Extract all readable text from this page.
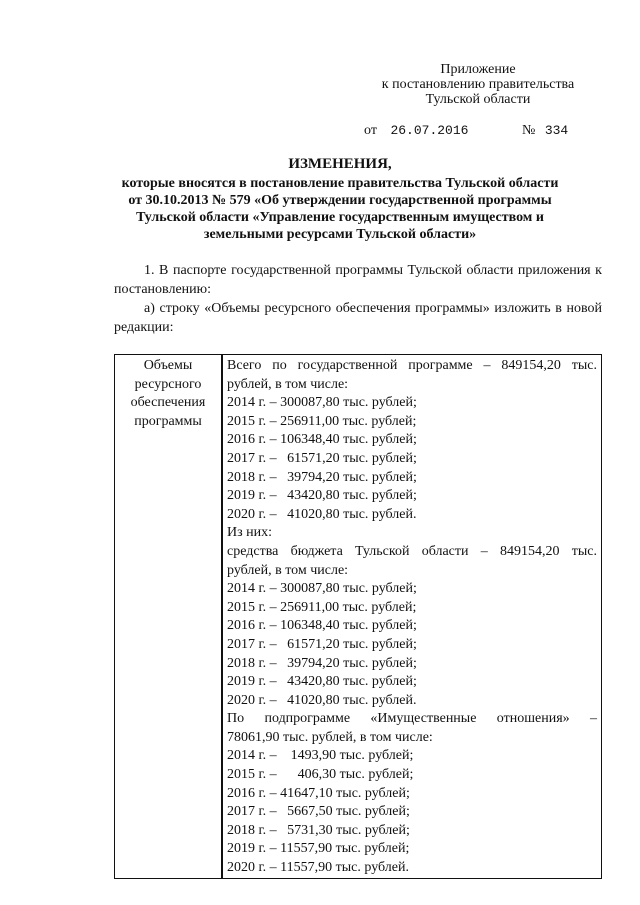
Приложение
к постановлению правительства
Тульской области
от 26.07.2016	№ 334
ИЗМЕНЕНИЯ,
которые вносятся в постановление правительства Тульской области
от 30.10.2013 № 579 «Об утверждении государственной программы
Тульской области «Управление государственным имуществом и
земельными ресурсами Тульской области»

1. В паспорте государственной программы Тульской области приложения к постановлению:

а) строку «Объемы ресурсного обеспечения программы» изложить в новой редакции:

Объемы
ресурсного
обеспечения
программы

Всего по государственной программе – 849154,20 тыс.
рублей, в том числе:
2014 г. – 300087,80 тыс. рублей;
2015 г. – 256911,00 тыс. рублей;
2016 г. – 106348,40 тыс. рублей;
2017 г. –   61571,20 тыс. рублей;
2018 г. –   39794,20 тыс. рублей;
2019 г. –   43420,80 тыс. рублей;
2020 г. –   41020,80 тыс. рублей.
Из них:
средства бюджета Тульской области – 849154,20 тыс.
рублей, в том числе:
2014 г. – 300087,80 тыс. рублей;
2015 г. – 256911,00 тыс. рублей;
2016 г. – 106348,40 тыс. рублей;
2017 г. –   61571,20 тыс. рублей;
2018 г. –   39794,20 тыс. рублей;
2019 г. –   43420,80 тыс. рублей;
2020 г. –   41020,80 тыс. рублей.
По подпрограмме «Имущественные отношения» –
78061,90 тыс. рублей, в том числе:
2014 г. –    1493,90 тыс. рублей;
2015 г. –      406,30 тыс. рублей;
2016 г. – 41647,10 тыс. рублей;
2017 г. –   5667,50 тыс. рублей;
2018 г. –   5731,30 тыс. рублей;
2019 г. – 11557,90 тыс. рублей;
2020 г. – 11557,90 тыс. рублей.
